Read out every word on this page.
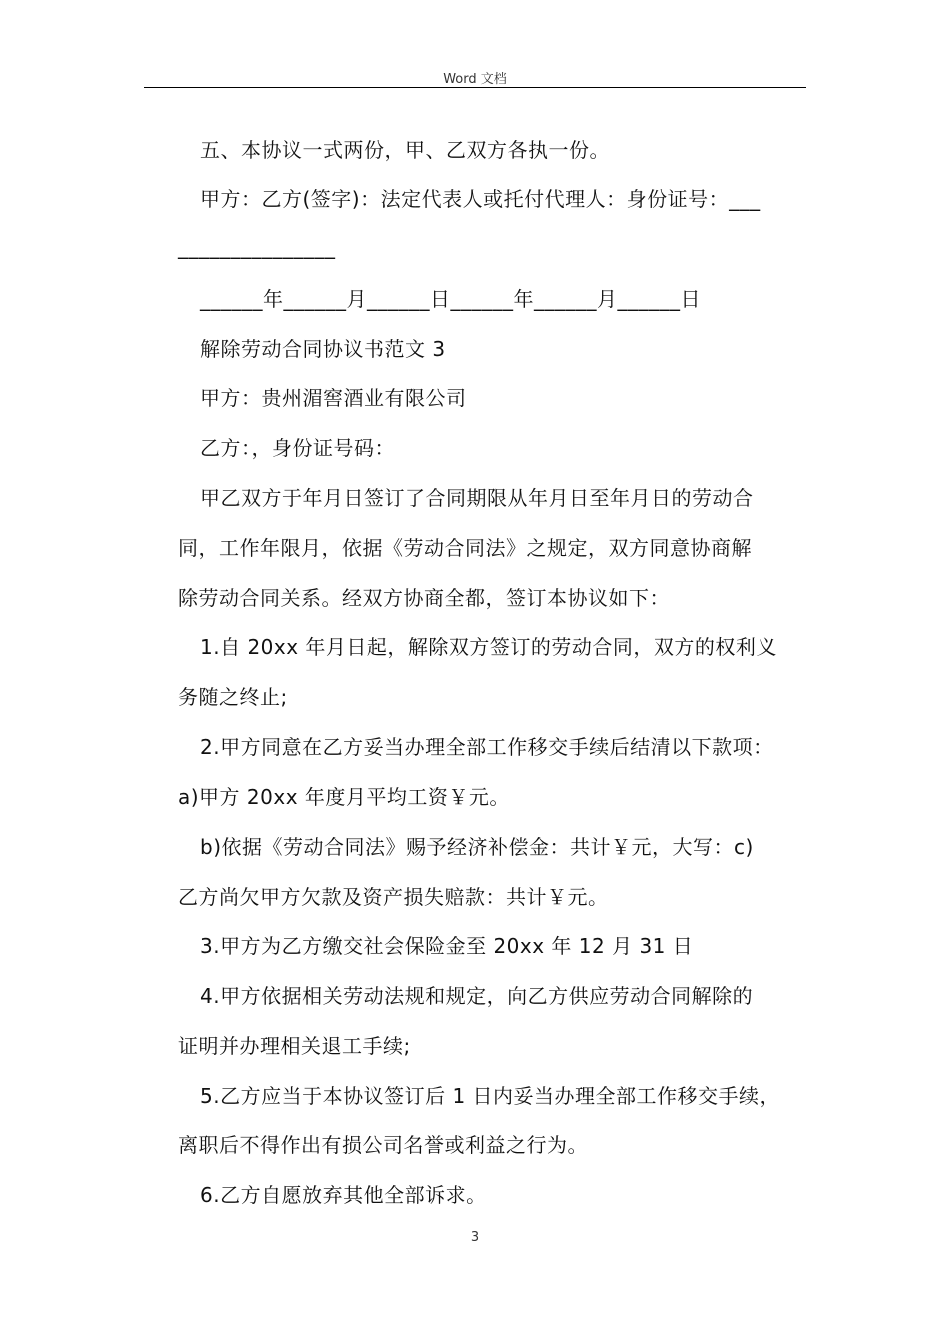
Word 文档
五、本协议一式两份，甲、乙双方各执一份。
甲方：乙方(签字)：法定代表人或托付代理人：身份证号：___
_______________
______年______月______日______年______月______日
解除劳动合同协议书范文 3
甲方：贵州湄窖酒业有限公司
乙方：，身份证号码：
甲乙双方于年月日签订了合同期限从年月日至年月日的劳动合
同，工作年限月，依据《劳动合同法》之规定，双方同意协商解
除劳动合同关系。经双方协商全都，签订本协议如下：
1.自 20xx 年月日起，解除双方签订的劳动合同，双方的权利义
务随之终止;
2.甲方同意在乙方妥当办理全部工作移交手续后结清以下款项：
a)甲方 20xx 年度月平均工资￥元。
b)依据《劳动合同法》赐予经济补偿金：共计￥元，大写：c)
乙方尚欠甲方欠款及资产损失赔款：共计￥元。
3.甲方为乙方缴交社会保险金至 20xx 年 12 月 31 日
4.甲方依据相关劳动法规和规定，向乙方供应劳动合同解除的
证明并办理相关退工手续;
5.乙方应当于本协议签订后 1 日内妥当办理全部工作移交手续，
离职后不得作出有损公司名誉或利益之行为。
6.乙方自愿放弃其他全部诉求。
3
